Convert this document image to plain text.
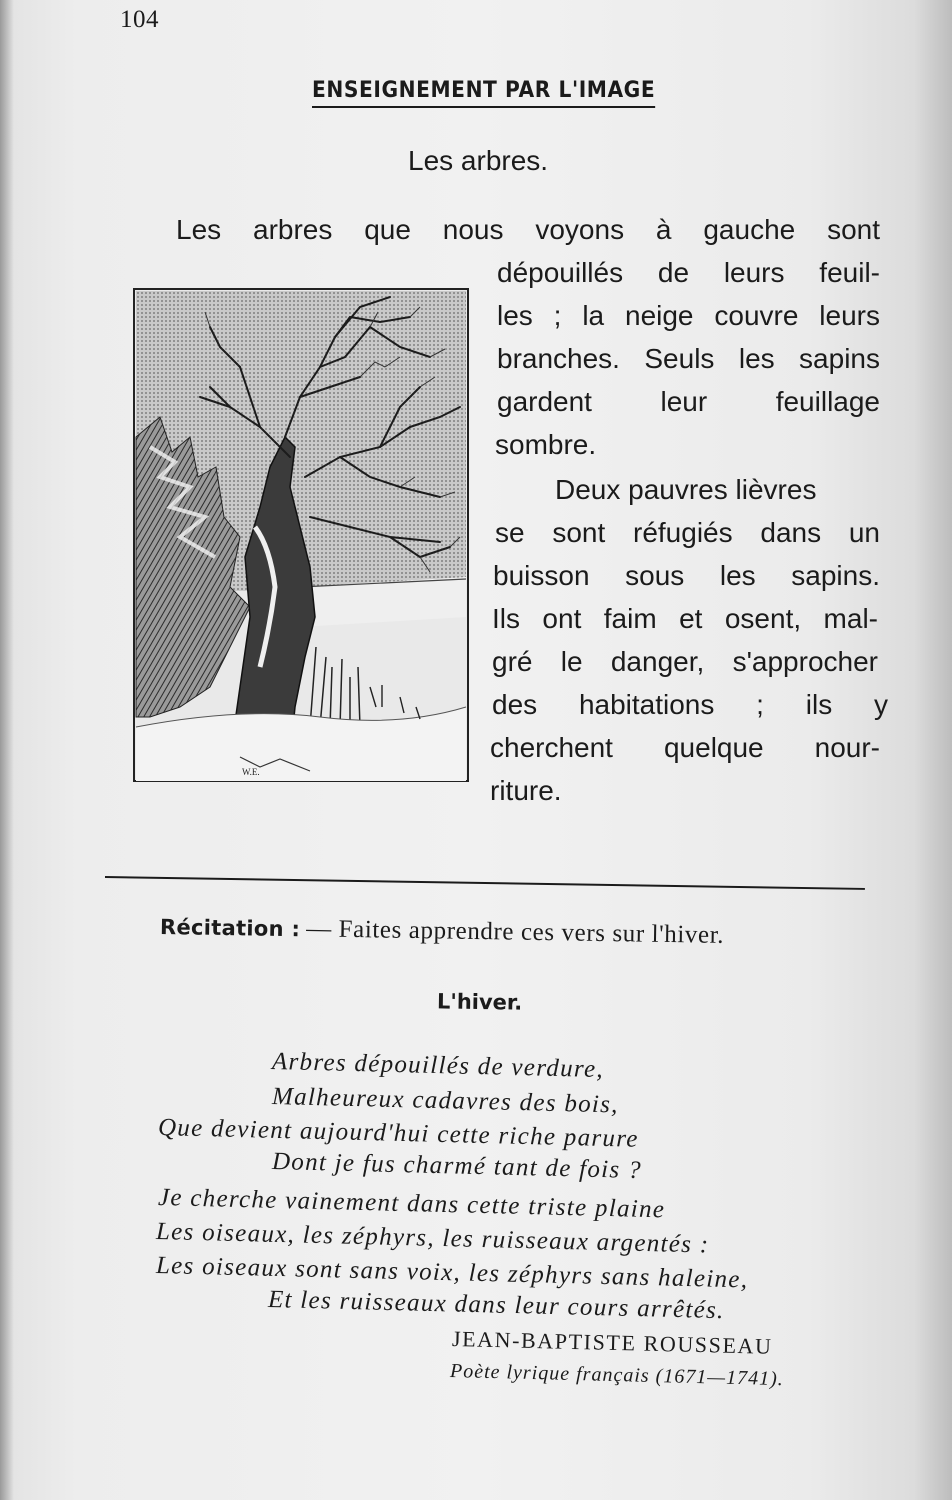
104
ENSEIGNEMENT PAR L'IMAGE
Les arbres.
Les arbres que nous voyons à gauche sont
dépouillés de leurs feuil-
les ; la neige couvre leurs
branches. Seuls les sapins
gardent leur feuillage
sombre.
Deux pauvres lièvres
se sont réfugiés dans un
buisson sous les sapins.
Ils ont faim et osent, mal-
gré le danger, s'approcher
des habitations ; ils y
cherchent quelque nour-
riture.
W.E.
Récitation : — Faites apprendre ces vers sur l'hiver.
L'hiver.
Arbres dépouillés de verdure,
Malheureux cadavres des bois,
Que devient aujourd'hui cette riche parure
Dont je fus charmé tant de fois ?
Je cherche vainement dans cette triste plaine
Les oiseaux, les zéphyrs, les ruisseaux argentés :
Les oiseaux sont sans voix, les zéphyrs sans haleine,
Et les ruisseaux dans leur cours arrêtés.
JEAN-BAPTISTE ROUSSEAU
Poète lyrique français (1671—1741).
